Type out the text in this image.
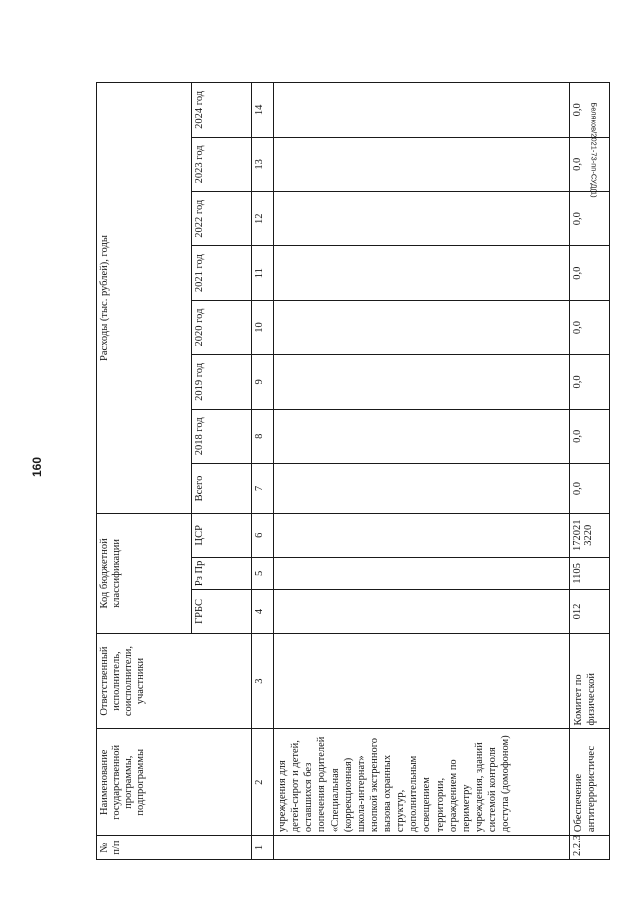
160
Беляков/2021-73-пп-СУД(1)
№ п/п	Наименование государственной программы, подпрограммы	Ответственный исполнитель, соисполнители, участники	Код бюджетной классификации			Расходы (тыс. рублей), годы							
			ГРБС	Рз Пр	ЦСР	Всего	2018 год	2019 год	2020 год	2021 год	2022 год	2023 год	2024 год
1	2	3	4	5	6	7	8	9	10	11	12	13	14
	учреждения для детей-сирот и детей, оставшихся без попечения родителей «Специальная (коррекционная) школа-интернат» кнопкой экстренного вызова охранных структур, дополнительным освещением территории, ограждением по периметру учреждения, зданий системой контроля доступа (домофоном)												
2.2.3	Обеспечение антитеррористичес	Комитет по физической	012	1105	172021 3220	0,0	0,0	0,0	0,0	0,0	0,0	0,0	0,0
